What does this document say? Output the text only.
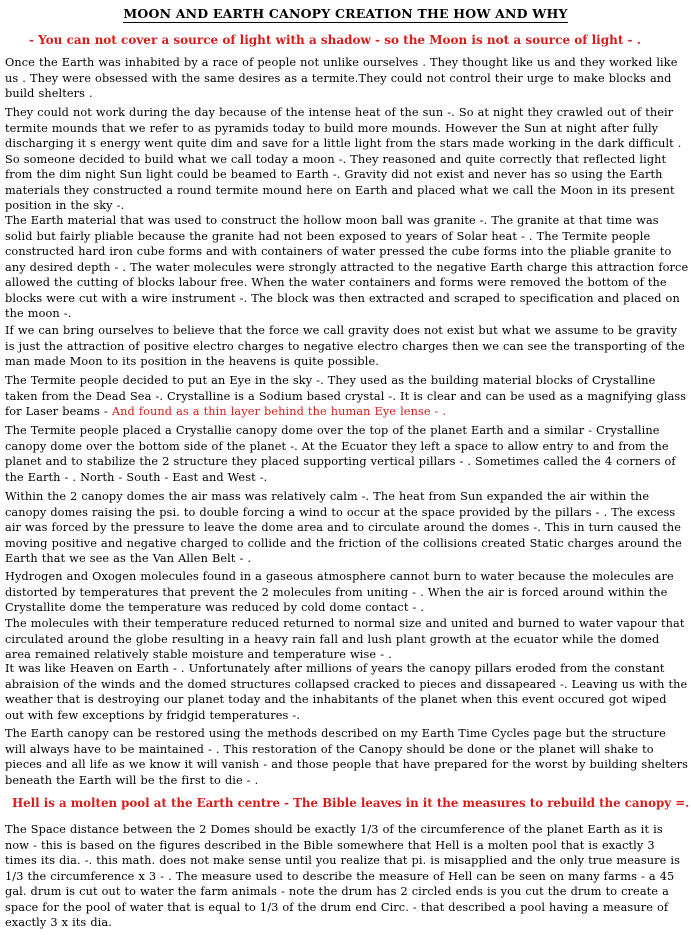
MOON AND EARTH CANOPY CREATION THE HOW AND WHY
- You can not cover a source of light with a shadow - so the Moon is not a source of light - .
Once the Earth was inhabited by a race of people not unlike ourselves . They thought like us and they worked like us . They were obsessed with the same desires as a termite.They could not control their urge to make blocks and build shelters .
They could not work during the day because of the intense heat of the sun -. So at night they crawled out of their termite mounds that we refer to as pyramids today to build more mounds. However the Sun at night after fully discharging it s energy went quite dim and save for a little light from the stars made working in the dark difficult . So someone decided to build what we call today a moon -. They reasoned and quite correctly that reflected light from the dim night Sun light could be beamed to Earth -. Gravity did not exist and never has so using the Earth materials they constructed a round termite mound here on Earth and placed what we call the Moon in its present position in the sky -.
The Earth material that was used to construct the hollow moon ball was granite -. The granite at that time was solid but fairly pliable because the granite had not been exposed to years of Solar heat - . The Termite people constructed hard iron cube forms and with containers of water pressed the cube forms into the pliable granite to any desired depth - . The water molecules were strongly attracted to the negative Earth charge this attraction force allowed the cutting of blocks labour free. When the water containers and forms were removed the bottom of the blocks were cut with a wire instrument -. The block was then extracted and scraped to specification and placed on the moon -.
If we can bring ourselves to believe that the force we call gravity does not exist but what we assume to be gravity is just the attraction of positive electro charges to negative electro charges then we can see the transporting of the man made Moon to its position in the heavens is quite possible.
The Termite people decided to put an Eye in the sky -. They used as the building material blocks of Crystalline taken from the Dead Sea -. Crystalline is a Sodium based crystal -. It is clear and can be used as a magnifying glass for Laser beams - And found as a thin layer behind the human Eye lense - .
The Termite people placed a Crystallie canopy dome over the top of the planet Earth and a similar - Crystalline canopy dome over the bottom side of the planet -. At the Ecuator they left a space to allow entry to and from the planet and to stabilize the 2 structure they placed supporting vertical pillars - . Sometimes called the 4 corners of the Earth - . North - South - East and West -.
Within the 2 canopy domes the air mass was relatively calm -. The heat from Sun expanded the air within the canopy domes raising the psi. to double forcing a wind to occur at the space provided by the pillars - . The excess air was forced by the pressure to leave the dome area and to circulate around the domes -. This in turn caused the moving positive and negative charged to collide and the friction of the collisions created Static charges around the Earth that we see as the Van Allen Belt - .
Hydrogen and Oxogen molecules found in a gaseous atmosphere cannot burn to water because the molecules are distorted by temperatures that prevent the 2 molecules from uniting - . When the air is forced around within the Crystallite dome the temperature was reduced by cold dome contact - .
The molecules with their temperature reduced returned to normal size and united and burned to water vapour that circulated around the globe resulting in a heavy rain fall and lush plant growth at the ecuator while the domed area remained relatively stable moisture and temperature wise - .
It was like Heaven on Earth - . Unfortunately after millions of years the canopy pillars eroded from the constant abraision of the winds and the domed structures collapsed cracked to pieces and dissapeared -. Leaving us with the weather that is destroying our planet today and the inhabitants of the planet when this event occured got wiped out with few exceptions by fridgid temperatures -.
The Earth canopy can be restored using the methods described on my Earth Time Cycles page but the structure will always have to be maintained - . This restoration of the Canopy should be done or the planet will shake to pieces and all life as we know it will vanish - and those people that have prepared for the worst by building shelters beneath the Earth will be the first to die - .
Hell is a molten pool at the Earth centre - The Bible leaves in it the measures to rebuild the canopy =.
The Space distance between the 2 Domes should be exactly 1/3 of the circumference of the planet Earth as it is now - this is based on the figures described in the Bible somewhere that Hell is a molten pool that is exactly 3 times its dia. -. this math. does not make sense until you realize that pi. is misapplied and the only true measure is 1/3 the circumference x 3 - . The measure used to describe the measure of Hell can be seen on many farms - a 45 gal. drum is cut out to water the farm animals - note the drum has 2 circled ends is you cut the drum to create a space for the pool of water that is equal to 1/3 of the drum end Circ. - that described a pool having a measure of exactly 3 x its dia.
